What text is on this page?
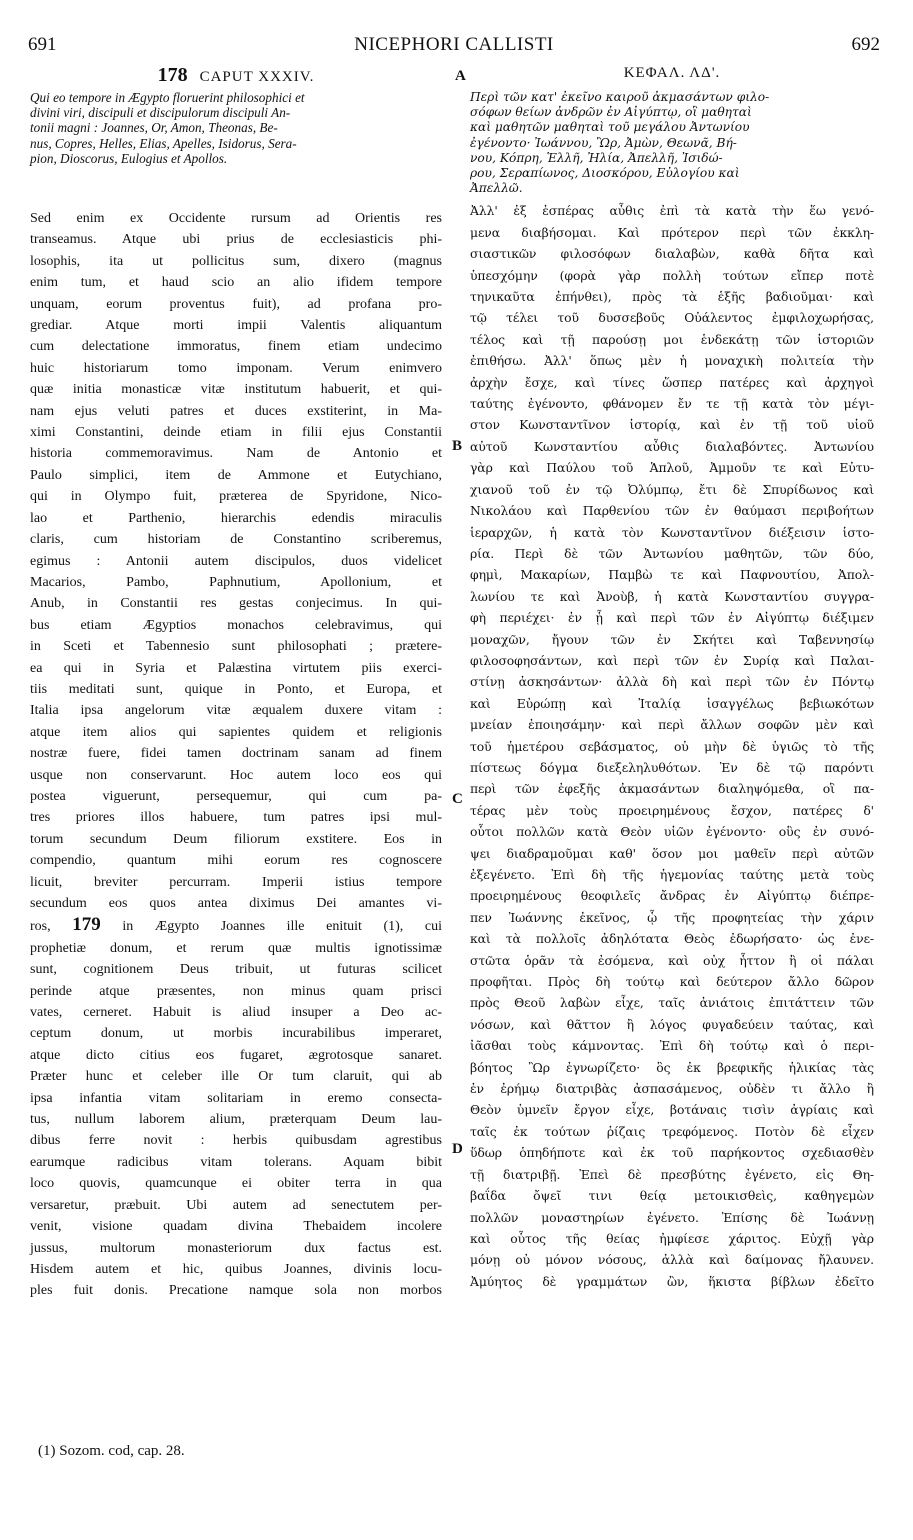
691	NICEPHORI CALLISTI	692
A
B
C
D
178 CAPUT XXXIV.
Qui eo tempore in Ægypto floruerint philosophici et
divini viri, discipuli et discipulorum discipuli An-
tonii magni : Joannes, Or, Amon, Theonas, Be-
nus, Copres, Helles, Elias, Apelles, Isidorus, Sera-
pion, Dioscorus, Eulogius et Apollos.
Sed enim ex Occidente rursum ad Orientis res
transeamus. Atque ubi prius de ecclesiasticis phi-
losophis, ita ut pollicitus sum, dixero (magnus
enim tum, et haud scio an alio ifidem tempore
unquam, eorum proventus fuit), ad profana pro-
grediar. Atque morti impii Valentis aliquantum
cum delectatione immoratus, finem etiam undecimo
huic historiarum tomo imponam. Verum enimvero
quæ initia monasticæ vitæ institutum habuerit, et qui-
nam ejus veluti patres et duces exstiterint, in Ma-
ximi Constantini, deinde etiam in filii ejus Constantii
historia commemoravimus. Nam de Antonio et
Paulo simplici, item de Ammone et Eutychiano,
qui in Olympo fuit, præterea de Spyridone, Nico-
lao et Parthenio, hierarchis edendis miraculis
claris, cum historiam de Constantino scriberemus,
egimus : Antonii autem discipulos, duos videlicet
Macarios, Pambo, Paphnutium, Apollonium, et
Anub, in Constantii res gestas conjecimus. In qui-
bus etiam Ægyptios monachos celebravimus, qui
in Sceti et Tabennesio sunt philosophati ; prætere-
ea qui in Syria et Palæstina virtutem piis exerci-
tiis meditati sunt, quique in Ponto, et Europa, et
Italia ipsa angelorum vitæ æqualem duxere vitam :
atque item alios qui sapientes quidem et religionis
nostræ fuere, fidei tamen doctrinam sanam ad finem
usque non conservarunt. Hoc autem loco eos qui
postea viguerunt, persequemur, qui cum pa-
tres priores illos habuere, tum patres ipsi mul-
torum secundum Deum filiorum exstitere. Eos in
compendio, quantum mihi eorum res cognoscere
licuit, breviter percurram. Imperii istius tempore
secundum eos quos antea diximus Dei amantes vi-
ros, 179 in Ægypto Joannes ille enituit (1), cui
prophetiæ donum, et rerum quæ multis ignotissimæ
sunt, cognitionem Deus tribuit, ut futuras scilicet
perinde atque præsentes, non minus quam prisci
vates, cerneret. Habuit is aliud insuper a Deo ac-
ceptum donum, ut morbis incurabilibus imperaret,
atque dicto citius eos fugaret, ægrotosque sanaret.
Præter hunc et celeber ille Or tum claruit, qui ab
ipsa infantia vitam solitariam in eremo consecta-
tus, nullum laborem alium, præterquam Deum lau-
dibus ferre novit : herbis quibusdam agrestibus
earumque radicibus vitam tolerans. Aquam bibit
loco quovis, quamcunque ei obiter terra in qua
versaretur, præbuit. Ubi autem ad senectutem per-
venit, visione quadam divina Thebaidem incolere
jussus, multorum monasteriorum dux factus est.
Hisdem autem et hic, quibus Joannes, divinis locu-
ples fuit donis. Precatione namque sola non morbos
ΚΕΦΑΛ. ΛΔ'.
Περὶ τῶν κατ' ἐκεῖνο καιροῦ ἀκμασάντων φιλο-
σόφων θείων ἀνδρῶν ἐν Αἰγύπτῳ, οἳ μαθηταὶ
καὶ μαθητῶν μαθηταὶ τοῦ μεγάλου Ἀντωνίου
ἐγένοντο· Ἰωάννου, Ὢρ, Ἀμὼν, Θεωνᾶ, Βή-
νου, Κόπρη, Ἑλλῆ, Ἠλία, Ἀπελλῆ, Ἰσιδώ-
ρου, Σεραπίωνος, Διοσκόρου, Εὐλογίου καὶ
Ἀπελλῶ.
Ἀλλ' ἐξ ἑσπέρας αὖθις ἐπὶ τὰ κατὰ τὴν ἕω γενό-
μενα διαβήσομαι. Καὶ πρότερον περὶ τῶν ἐκκλη-
σιαστικῶν φιλοσόφων διαλαβὼν, καθὰ δῆτα καὶ
ὑπεσχόμην (φορὰ γὰρ πολλὴ τούτων εἴπερ ποτὲ
τηνικαῦτα ἐπήνθει), πρὸς τὰ ἑξῆς βαδιοῦμαι· καὶ
τῷ τέλει τοῦ δυσσεβοῦς Οὐάλεντος ἐμφιλοχωρήσας,
τέλος καὶ τῇ παρούσῃ μοι ἑνδεκάτῃ τῶν ἱστοριῶν
ἐπιθήσω. Ἀλλ' ὅπως μὲν ἡ μοναχικὴ πολιτεία τὴν
ἀρχὴν ἔσχε, καὶ τίνες ὥσπερ πατέρες καὶ ἀρχηγοὶ
ταύτης ἐγένοντο, φθάνομεν ἔν τε τῇ κατὰ τὸν μέγι-
στον Κωνσταντῖνον ἱστορίᾳ, καὶ ἐν τῇ τοῦ υἱοῦ
αὐτοῦ Κωνσταντίου αὖθις διαλαβόντες. Ἀντωνίου
γὰρ καὶ Παύλου τοῦ Ἁπλοῦ, Ἀμμοῦν τε καὶ Εὐτυ-
χιανοῦ τοῦ ἐν τῷ Ὀλύμπῳ, ἔτι δὲ Σπυρίδωνος καὶ
Νικολάου καὶ Παρθενίου τῶν ἐν θαύμασι περιβοήτων
ἱεραρχῶν, ἡ κατὰ τὸν Κωνσταντῖνον διέξεισιν ἱστο-
ρία. Περὶ δὲ τῶν Ἀντωνίου μαθητῶν, τῶν δύο,
φημὶ, Μακαρίων, Παμβὼ τε καὶ Παφνουτίου, Ἀπολ-
λωνίου τε καὶ Ἀνοὺβ, ἡ κατὰ Κωνσταντίου συγγρα-
φὴ περιέχει· ἐν ᾗ καὶ περὶ τῶν ἐν Αἰγύπτῳ διέξιμεν
μοναχῶν, ἤγουν τῶν ἐν Σκήτει καὶ Ταβεννησίῳ
φιλοσοφησάντων, καὶ περὶ τῶν ἐν Συρίᾳ καὶ Παλαι-
στίνῃ ἀσκησάντων· ἀλλὰ δὴ καὶ περὶ τῶν ἐν Πόντῳ
καὶ Εὐρώπῃ καὶ Ἰταλίᾳ ἰσαγγέλως βεβιωκότων
μνείαν ἐποιησάμην· καὶ περὶ ἄλλων σοφῶν μὲν καὶ
τοῦ ἡμετέρου σεβάσματος, οὐ μὴν δὲ ὑγιῶς τὸ τῆς
πίστεως δόγμα διεξεληλυθότων. Ἐν δὲ τῷ παρόντι
περὶ τῶν ἐφεξῆς ἀκμασάντων διαληψόμεθα, οἳ πα-
τέρας μὲν τοὺς προειρημένους ἔσχον, πατέρες δ'
οὗτοι πολλῶν κατὰ Θεὸν υἱῶν ἐγένοντο· οὓς ἐν συνό-
ψει διαδραμοῦμαι καθ' ὅσον μοι μαθεῖν περὶ αὐτῶν
ἐξεγένετο. Ἐπὶ δὴ τῆς ἡγεμονίας ταύτης μετὰ τοὺς
προειρημένους θεοφιλεῖς ἄνδρας ἐν Αἰγύπτῳ διέπρε-
πεν Ἰωάννης ἐκεῖνος, ᾧ τῆς προφητείας τὴν χάριν
καὶ τὰ πολλοῖς ἀδηλότατα Θεὸς ἐδωρήσατο· ὡς ἐνε-
στῶτα ὁρᾶν τὰ ἐσόμενα, καὶ οὐχ ἧττον ἢ οἱ πάλαι
προφῆται. Πρὸς δὴ τούτῳ καὶ δεύτερον ἄλλο δῶρον
πρὸς Θεοῦ λαβὼν εἶχε, ταῖς ἀνιάτοις ἐπιτάττειν τῶν
νόσων, καὶ θᾶττον ἢ λόγος φυγαδεύειν ταύτας, καὶ
ἰᾶσθαι τοὺς κάμνοντας. Ἐπὶ δὴ τούτῳ καὶ ὁ περι-
βόητος Ὢρ ἐγνωρίζετο· ὃς ἐκ βρεφικῆς ἡλικίας τὰς
ἐν ἐρήμῳ διατριβὰς ἀσπασάμενος, οὐδὲν τι ἄλλο ἢ
Θεὸν ὑμνεῖν ἔργον εἶχε, βοτάναις τισὶν ἀγρίαις καὶ
ταῖς ἐκ τούτων ῥίζαις τρεφόμενος. Ποτὸν δὲ εἶχεν
ὕδωρ ὁπηδήποτε καὶ ἐκ τοῦ παρήκοντος σχεδιασθὲν
τῇ διατριβῇ. Ἐπεὶ δὲ πρεσβύτης ἐγένετο, εἰς Θη-
βαΐδα ὄψεῖ τινι θείᾳ μετοικισθεὶς, καθηγεμὼν
πολλῶν μοναστηρίων ἐγένετο. Ἐπίσης δὲ Ἰωάννῃ
καὶ οὗτος τῆς θείας ἠμφίεσε χάριτος. Εὐχῇ γὰρ
μόνῃ οὐ μόνον νόσους, ἀλλὰ καὶ δαίμονας ἤλαυνεν.
Ἀμύητος δὲ γραμμάτων ὢν, ἥκιστα βίβλων ἐδεῖτο
(1) Sozom. cod, cap. 28.
